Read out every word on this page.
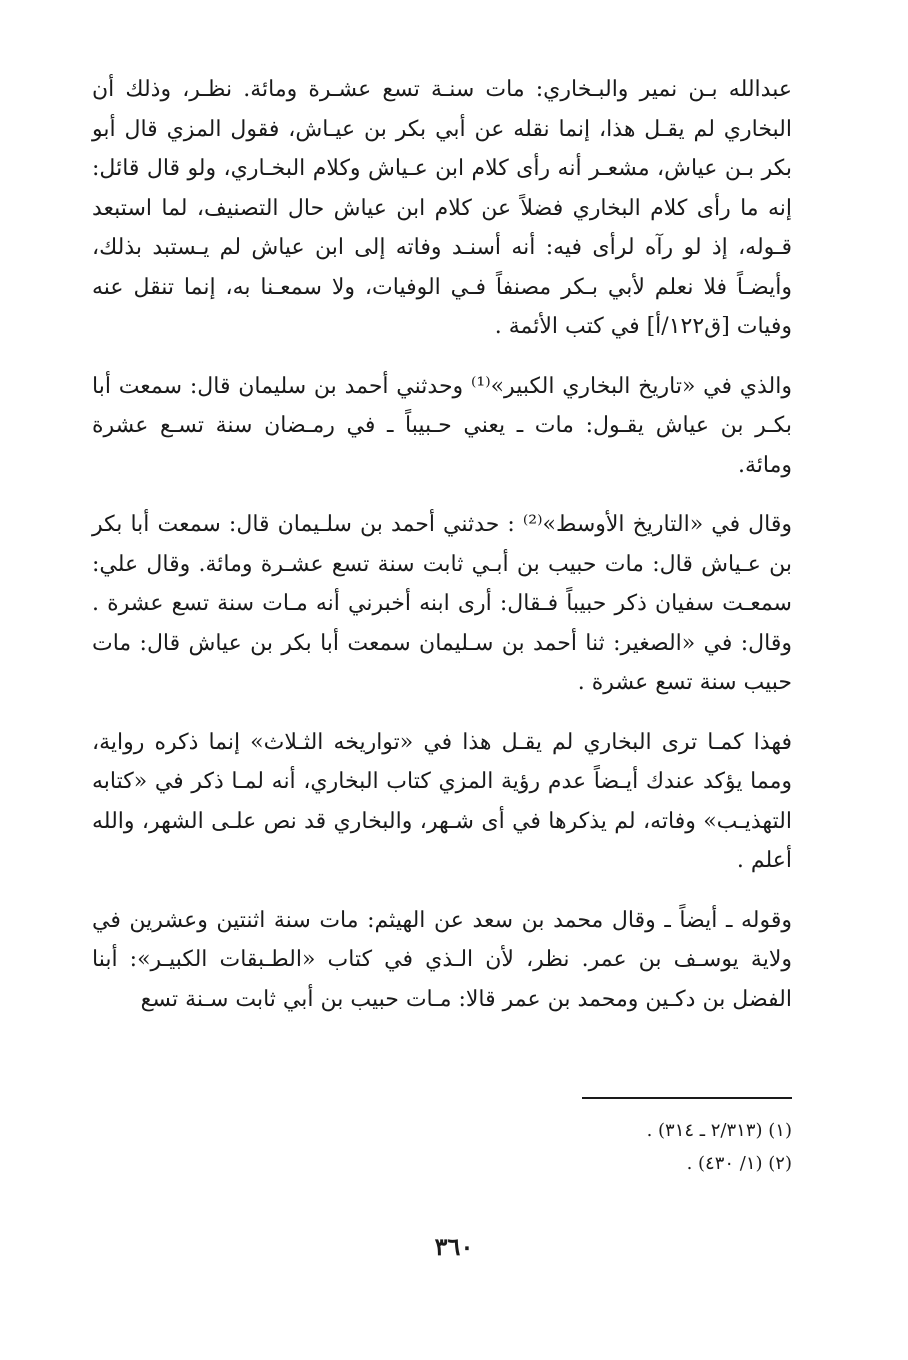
عبدالله بـن نمير والبـخاري: مات سنـة تسع عشـرة ومائة. نظـر، وذلك أن البخاري لم يقـل هذا، إنما نقله عن أبي بكر بن عيـاش، فقول المزي قال أبو بكر بـن عياش، مشعـر أنه رأى كلام ابن عـياش وكلام البخـاري، ولو قال قائل: إنه ما رأى كلام البخاري فضلاً عن كلام ابن عياش حال التصنيف، لما استبعد قـوله، إذ لو رآه لرأى فيه: أنه أسنـد وفاته إلى ابن عياش لم يـستبد بذلك، وأيضـاً فلا نعلم لأبي بـكر مصنفاً فـي الوفيات، ولا سمعـنا به، إنما تنقل عنه وفيات [ق١٢٢/أ] في كتب الأئمة .

والذي في «تاريخ البخاري الكبير»⁽¹⁾ وحدثني أحمد بن سليمان قال: سمعت أبا بكـر بن عياش يقـول: مات ـ يعني حـبيباً ـ في رمـضان سنة تسـع عشرة ومائة.

وقال في «التاريخ الأوسط»⁽²⁾ : حدثني أحمد بن سلـيمان قال: سمعت أبا بكر بن عـياش قال: مات حبيب بن أبـي ثابت سنة تسع عشـرة ومائة. وقال علي: سمعـت سفيان ذكر حبيباً فـقال: أرى ابنه أخبرني أنه مـات سنة تسع عشرة . وقال: في «الصغير: ثنا أحمد بن سـليمان سمعت أبا بكر بن عياش قال: مات حبيب سنة تسع عشرة .

فهذا كمـا ترى البخاري لم يقـل هذا في «تواريخه الثـلاث» إنما ذكره رواية، ومما يؤكد عندك أيـضاً عدم رؤية المزي كتاب البخاري، أنه لمـا ذكر في «كتابه التهذيـب» وفاته، لم يذكرها في أى شـهر، والبخاري قد نص علـى الشهر، والله أعلم .

وقوله ـ أيضاً ـ وقال محمد بن سعد عن الهيثم: مات سنة اثنتين وعشرين في ولاية يوسـف بن عمر. نظر، لأن الـذي في كتاب «الطـبقات الكبيـر»: أبنا الفضل بن دكـين ومحمد بن عمر قالا: مـات حبيب بن أبي ثابت سـنة تسع

(١) (٢/٣١٣ ـ ٣١٤) .
(٢) (١/ ٤٣٠) .
٣٦٠
